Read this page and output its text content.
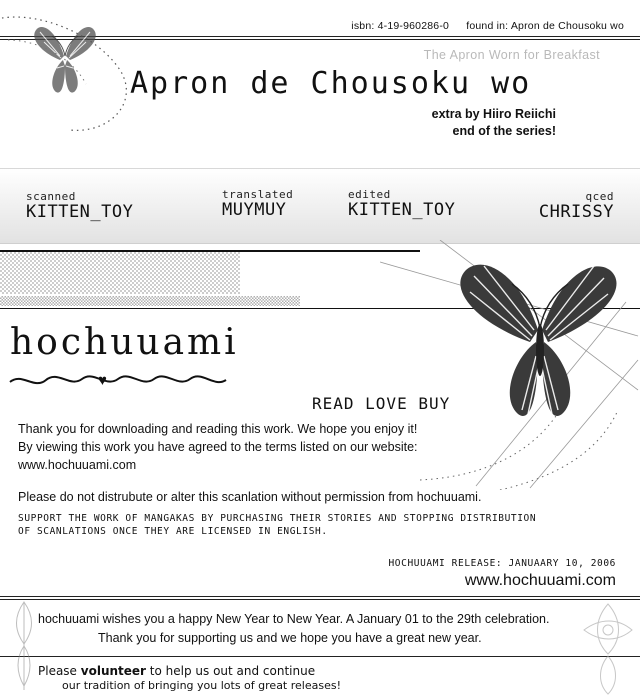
isbn: 4-19-960286-0 found in: Apron de Chousoku wo
The Apron Worn for Breakfast
Apron de Chousoku wo
extra by Hiiro Reiichi
end of the series!
scanned
KITTEN_TOY
translated
MUYMUY
edited
KITTEN_TOY
qced
CHRISSY
hochuuami
♥
READ LOVE BUY
Thank you for downloading and reading this work. We hope you enjoy it!
By viewing this work you have agreed to the terms listed on our website:
www.hochuuami.com
Please do not distrubute or alter this scanlation without permission from hochuuami.
SUPPORT THE WORK OF MANGAKAS BY PURCHASING THEIR STORIES AND STOPPING DISTRIBUTION OF SCANLATIONS ONCE THEY ARE LICENSED IN ENGLISH.
HOCHUUAMI RELEASE: JANUAARY 10, 2006
www.hochuuami.com
hochuuami wishes you a happy New Year to New Year. A January 01 to the 29th celebration.
Thank you for supporting us and we hope you have a great new year.
Please volunteer to help us out and continue
our tradition of bringing you lots of great releases!
